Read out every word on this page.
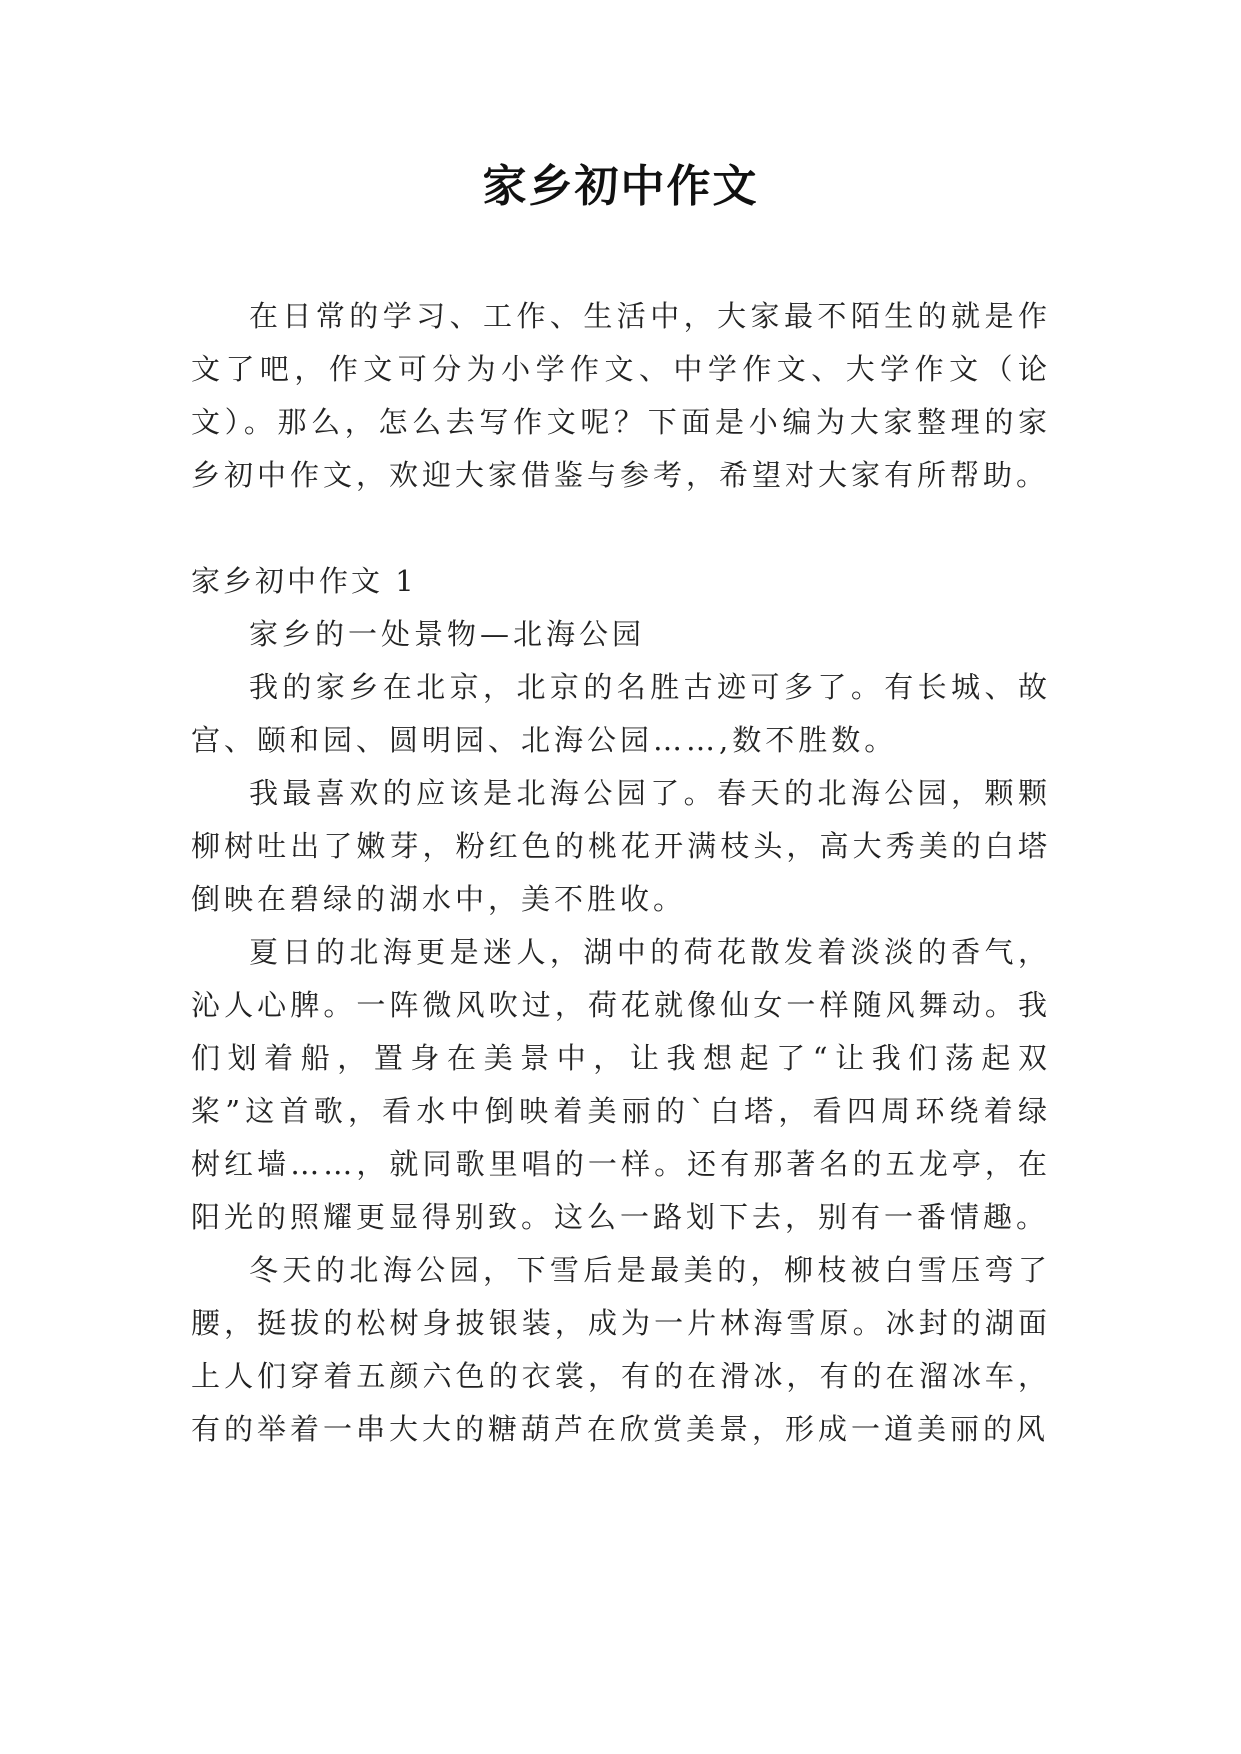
家乡初中作文

在日常的学习、工作、生活中，大家最不陌生的就是作文了吧，作文可分为小学作文、中学作文、大学作文（论文）。那么，怎么去写作文呢？下面是小编为大家整理的家乡初中作文，欢迎大家借鉴与参考，希望对大家有所帮助。

家乡初中作文 1

家乡的一处景物—北海公园

我的家乡在北京，北京的名胜古迹可多了。有长城、故宫、颐和园、圆明园、北海公园……,数不胜数。

我最喜欢的应该是北海公园了。春天的北海公园，颗颗柳树吐出了嫩芽，粉红色的桃花开满枝头，高大秀美的白塔倒映在碧绿的湖水中，美不胜收。

夏日的北海更是迷人，湖中的荷花散发着淡淡的香气，沁人心脾。一阵微风吹过，荷花就像仙女一样随风舞动。我们划着船，置身在美景中，让我想起了“让我们荡起双桨”这首歌，看水中倒映着美丽的`白塔，看四周环绕着绿树红墙……，就同歌里唱的一样。还有那著名的五龙亭，在阳光的照耀更显得别致。这么一路划下去，别有一番情趣。

冬天的北海公园，下雪后是最美的，柳枝被白雪压弯了腰，挺拔的松树身披银装，成为一片林海雪原。冰封的湖面上人们穿着五颜六色的衣裳，有的在滑冰，有的在溜冰车，有的举着一串大大的糖葫芦在欣赏美景，形成一道美丽的风
